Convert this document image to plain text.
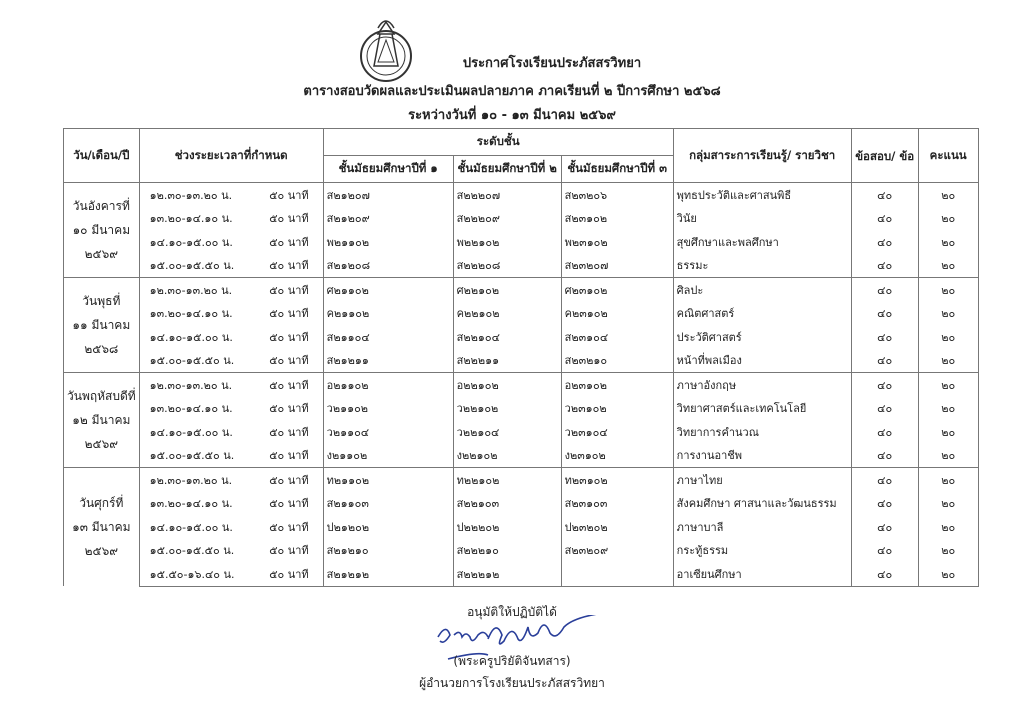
ประกาศโรงเรียนประภัสสรวิทยา
ตารางสอบวัดผลและประเมินผลปลายภาค ภาคเรียนที่ ๒ ปีการศึกษา ๒๕๖๘
ระหว่างวันที่ ๑๐ - ๑๓ มีนาคม ๒๕๖๙
วัน/เดือน/ปี	ช่วงระยะเวลาที่กำหนด		ระดับชั้น			กลุ่มสาระการเรียนรู้/ รายวิชา	ข้อสอบ/ ข้อ	คะแนน
			ชั้นมัธยมศึกษาปีที่ ๑	ชั้นมัธยมศึกษาปีที่ ๒	ชั้นมัธยมศึกษาปีที่ ๓			

วันอังคารที่
๑๐ มีนาคม
๒๕๖๙	๑๒.๓๐-๑๓.๒๐ น.	๕๐ นาที	ส๒๑๒๐๗	ส๒๒๒๐๗	ส๒๓๒๐๖	พุทธประวัติและศาสนพิธี	๔๐	๒๐
	๑๓.๒๐-๑๔.๑๐ น.	๕๐ นาที	ส๒๑๒๐๙	ส๒๒๒๐๙	ส๒๓๑๐๒	วินัย	๔๐	๒๐
	๑๔.๑๐-๑๕.๐๐ น.	๕๐ นาที	พ๒๑๑๐๒	พ๒๒๑๐๒	พ๒๓๑๐๒	สุขศึกษาและพลศึกษา	๔๐	๒๐
	๑๕.๐๐-๑๕.๕๐ น.	๕๐ นาที	ส๒๑๒๐๘	ส๒๒๒๐๘	ส๒๓๒๐๗	ธรรมะ	๔๐	๒๐

วันพุธที่
๑๑ มีนาคม
๒๕๖๘	๑๒.๓๐-๑๓.๒๐ น.	๕๐ นาที	ศ๒๑๑๐๒	ศ๒๒๑๐๒	ศ๒๓๑๐๒	ศิลปะ	๔๐	๒๐
	๑๓.๒๐-๑๔.๑๐ น.	๕๐ นาที	ค๒๑๑๐๒	ค๒๒๑๐๒	ค๒๓๑๐๒	คณิตศาสตร์	๔๐	๒๐
	๑๔.๑๐-๑๕.๐๐ น.	๕๐ นาที	ส๒๑๑๐๔	ส๒๒๑๐๔	ส๒๓๑๐๔	ประวัติศาสตร์	๔๐	๒๐
	๑๕.๐๐-๑๕.๕๐ น.	๕๐ นาที	ส๒๑๒๑๑	ส๒๒๒๑๑	ส๒๓๒๑๐	หน้าที่พลเมือง	๔๐	๒๐

วันพฤหัสบดีที่
๑๒ มีนาคม
๒๕๖๙	๑๒.๓๐-๑๓.๒๐ น.	๕๐ นาที	อ๒๑๑๐๒	อ๒๒๑๐๒	อ๒๓๑๐๒	ภาษาอังกฤษ	๔๐	๒๐
	๑๓.๒๐-๑๔.๑๐ น.	๕๐ นาที	ว๒๑๑๐๒	ว๒๒๑๐๒	ว๒๓๑๐๒	วิทยาศาสตร์และเทคโนโลยี	๔๐	๒๐
	๑๔.๑๐-๑๕.๐๐ น.	๕๐ นาที	ว๒๑๑๐๔	ว๒๒๑๐๔	ว๒๓๑๐๔	วิทยาการคำนวณ	๔๐	๒๐
	๑๕.๐๐-๑๕.๕๐ น.	๕๐ นาที	ง๒๑๑๐๒	ง๒๒๑๐๒	ง๒๓๑๐๒	การงานอาชีพ	๔๐	๒๐

วันศุกร์ที่
๑๓ มีนาคม
๒๕๖๙	๑๒.๓๐-๑๓.๒๐ น.	๕๐ นาที	ท๒๑๑๐๒	ท๒๒๑๐๒	ท๒๓๑๐๒	ภาษาไทย	๔๐	๒๐
	๑๓.๒๐-๑๔.๑๐ น.	๕๐ นาที	ส๒๑๑๐๓	ส๒๒๑๐๓	ส๒๓๑๐๓	สังคมศึกษา ศาสนาและวัฒนธรรม	๔๐	๒๐
	๑๔.๑๐-๑๕.๐๐ น.	๕๐ นาที	ป๒๑๒๐๒	ป๒๒๒๐๒	ป๒๓๒๐๒	ภาษาบาลี	๔๐	๒๐
	๑๕.๐๐-๑๕.๕๐ น.	๕๐ นาที	ส๒๑๒๑๐	ส๒๒๒๑๐	ส๒๓๒๐๙	กระทู้ธรรม	๔๐	๒๐
	๑๕.๕๐-๑๖.๔๐ น.	๕๐ นาที	ส๒๑๒๑๒	ส๒๒๒๑๒		อาเซียนศึกษา	๔๐	๒๐
อนุมัติให้ปฏิบัติได้
(พระครูปริยัติจันทสาร)
ผู้อำนวยการโรงเรียนประภัสสรวิทยา
